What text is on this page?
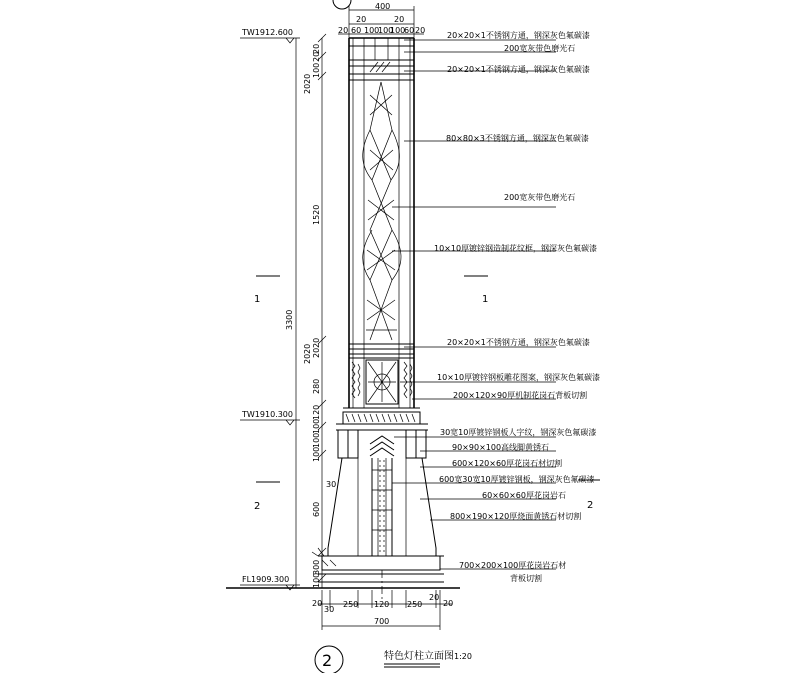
20×20×1不锈钢方通，钢深灰色氟碳漆
200宽灰带色磨光石
20×20×1不锈钢方通，钢深灰色氟碳漆
80×80×3不锈钢方通，钢深灰色氟碳漆
200宽灰带色磨光石
10×10厚镀锌钢造制花纹框，钢深灰色氟碳漆
20×20×1不锈钢方通，钢深灰色氟碳漆
10×10厚镀锌钢板雕花图案，钢深灰色氟碳漆
200×120×90厚机制花岗石背板切割
30宽10厚镀锌钢板人字纹，钢深灰色氟碳漆
90×90×100高线脚黄锈石
600×120×60厚花岗石材切割
600宽30宽10厚镀锌钢板，钢深灰色氟碳漆
60×60×60厚花岗岩石
800×190×120厚烧面黄锈石材切割
700×200×100厚花岗岩石材
背板切割
400
20	20
20 60 100
100
100
60 20
TW1912.600
TW1910.300
FL1909.300
3300
20
20
100
20
20
1520
20
20
280
20
20
120
100
100
100
600
300
100
30
1	1
2	2
20
30
250 120 250
20
20
700
2	特色灯柱立面图 1:20
